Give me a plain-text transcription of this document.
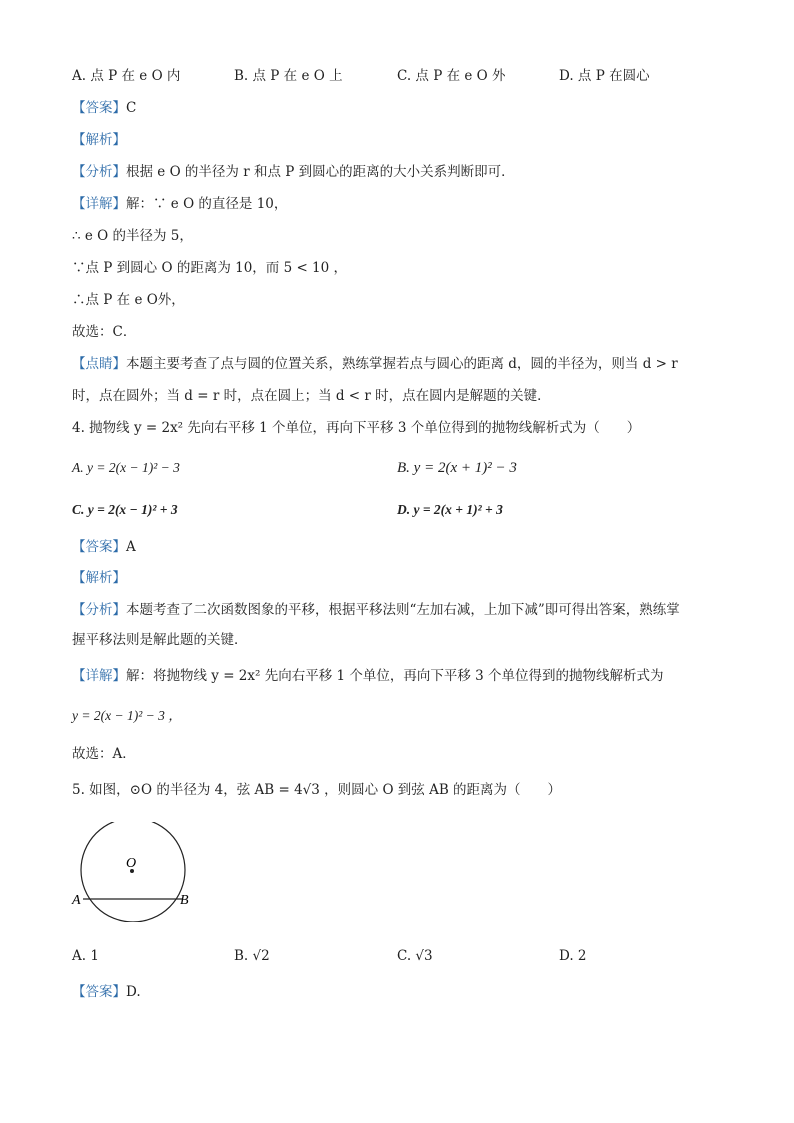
A. 点 P 在 e O 内	B. 点 P 在 e O 上	C. 点 P 在 e O 外	D. 点 P 在圆心
【答案】C
【解析】
【分析】根据 e O 的半径为 r 和点 P 到圆心的距离的大小关系判断即可．
【详解】解：∵ e O 的直径是 10，
∴ e O 的半径为 5，
∵点 P 到圆心 O 的距离为 10，而 5 < 10 ，
∴点 P 在 e O外，
故选：C．
【点睛】本题主要考查了点与圆的位置关系，熟练掌握若点与圆心的距离 d，圆的半径为，则当 d > r
时，点在圆外；当 d = r 时，点在圆上；当 d < r 时，点在圆内是解题的关键．
4. 抛物线 y = 2x² 先向右平移 1 个单位，再向下平移 3 个单位得到的抛物线解析式为（　　）
A. y = 2(x − 1)² − 3	B. y = 2(x + 1)² − 3
C. y = 2(x − 1)² + 3	D. y = 2(x + 1)² + 3
【答案】A
【解析】
【分析】本题考查了二次函数图象的平移，根据平移法则“左加右减，上加下减”即可得出答案，熟练掌
握平移法则是解此题的关键．
【详解】解：将抛物线 y = 2x² 先向右平移 1 个单位，再向下平移 3 个单位得到的抛物线解析式为
y = 2(x − 1)² − 3 ，
故选：A．
5. 如图，⊙O 的半径为 4，弦 AB = 4√3 ，则圆心 O 到弦 AB 的距离为（　　）
O
A	B
A. 1	B. √2	C. √3	D. 2
【答案】D.
